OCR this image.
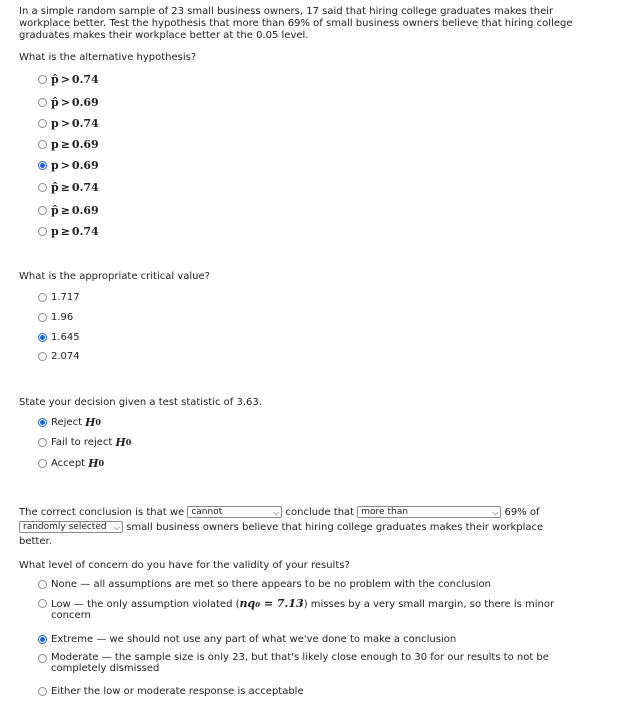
In a simple random sample of 23 small business owners, 17 said that hiring college graduates makes their workplace better. Test the hypothesis that more than 69% of small business owners believe that hiring college graduates makes their workplace better at the 0.05 level.
What is the alternative hypothesis?
p̂ > 0.74
p̂ > 0.69
p > 0.74
p ≥ 0.69
p > 0.69
p̂ ≥ 0.74
p̂ ≥ 0.69
p ≥ 0.74
What is the appropriate critical value?
1.717
1.96
1.645
2.074
State your decision given a test statistic of 3.63.
Reject H 0
Fail to reject H 0
Accept H 0
The correct conclusion is that we cannot	⌵ conclude that more than	⌵ 69% of
randomly selected ⌵ small business owners believe that hiring college graduates makes their workplace
better.
What level of concern do you have for the validity of your results?
None — all assumptions are met so there appears to be no problem with the conclusion
Low — the only assumption violated (nq₀ = 7.13) misses by a very small margin, so there is minor
concern
Extreme — we should not use any part of what we've done to make a conclusion
Moderate — the sample size is only 23, but that's likely close enough to 30 for our results to not be
completely dismissed
Either the low or moderate response is acceptable
